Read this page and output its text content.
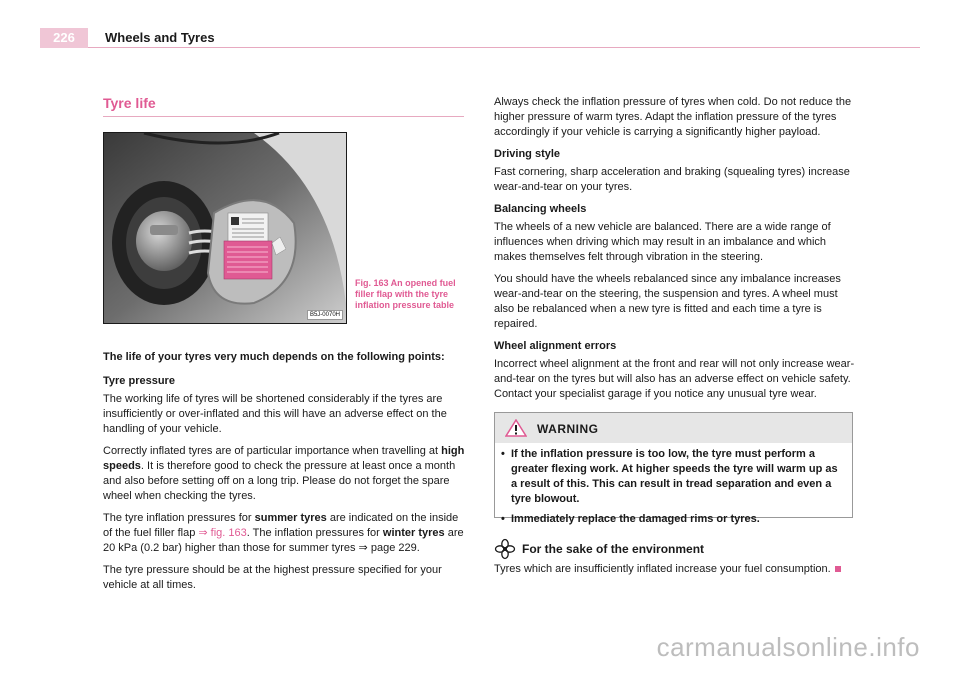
226	Wheels and Tyres
Tyre life
B5J-0070H
Fig. 163 An opened fuel filler flap with the tyre inflation pressure table

The life of your tyres very much depends on the following points:

Tyre pressure

The working life of tyres will be shortened considerably if the tyres are insufficiently or over-inflated and this will have an adverse effect on the handling of your vehicle.

Correctly inflated tyres are of particular importance when travelling at high speeds. It is therefore good to check the pressure at least once a month and also before setting off on a long trip. Please do not forget the spare wheel when checking the tyres.

The tyre inflation pressures for summer tyres are indicated on the inside of the fuel filler flap ⇒ fig. 163. The inflation pressures for winter tyres are 20 kPa (0.2 bar) higher than those for summer tyres ⇒ page 229.

The tyre pressure should be at the highest pressure specified for your vehicle at all times.

Always check the inflation pressure of tyres when cold. Do not reduce the higher pressure of warm tyres. Adapt the inflation pressure of the tyres accordingly if your vehicle is carrying a significantly higher payload.

Driving style

Fast cornering, sharp acceleration and braking (squealing tyres) increase wear-and-tear on your tyres.

Balancing wheels

The wheels of a new vehicle are balanced. There are a wide range of influences when driving which may result in an imbalance and which makes themselves felt through vibration in the steering.

You should have the wheels rebalanced since any imbalance increases wear-and-tear on the steering, the suspension and tyres. A wheel must also be rebalanced when a new tyre is fitted and each time a tyre is repaired.

Wheel alignment errors

Incorrect wheel alignment at the front and rear will not only increase wear-and-tear on the tyres but will also has an adverse effect on vehicle safety. Contact your specialist garage if you notice any unusual tyre wear.

WARNING
• If the inflation pressure is too low, the tyre must perform a greater flexing work. At higher speeds the tyre will warm up as a result of this. This can result in tread separation and even a tyre blowout.
• Immediately replace the damaged rims or tyres.
For the sake of the environment
Tyres which are insufficiently inflated increase your fuel consumption.
carmanualsonline.info
